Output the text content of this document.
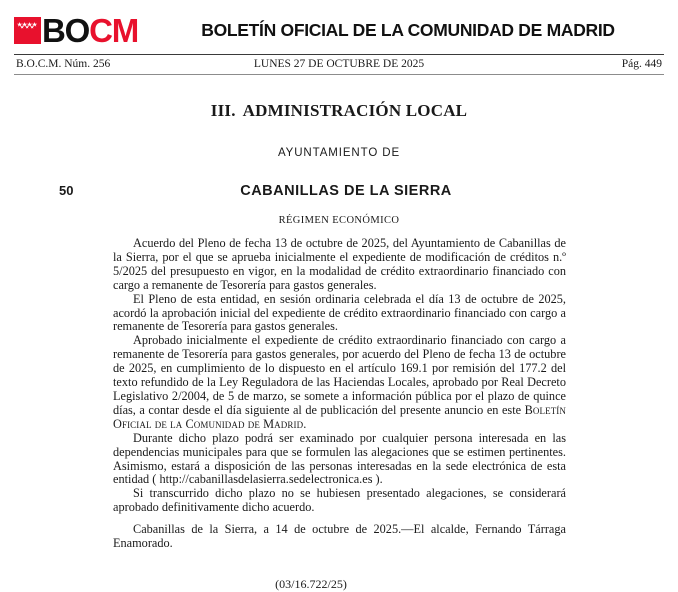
BO CM	BOLETÍN OFICIAL DE LA COMUNIDAD DE MADRID
B.O.C.M. Núm. 256	LUNES 27 DE OCTUBRE DE 2025	Pág. 449
III. ADMINISTRACIÓN LOCAL
AYUNTAMIENTO DE
50	CABANILLAS DE LA SIERRA
RÉGIMEN ECONÓMICO

Acuerdo del Pleno de fecha 13 de octubre de 2025, del Ayuntamiento de Cabanillas de la Sierra, por el que se aprueba inicialmente el expediente de modificación de créditos n.º 5/2025 del presupuesto en vigor, en la modalidad de crédito extraordinario financiado con cargo a remanente de Tesorería para gastos generales.

El Pleno de esta entidad, en sesión ordinaria celebrada el día 13 de octubre de 2025, acordó la aprobación inicial del expediente de crédito extraordinario financiado con cargo a remanente de Tesorería para gastos generales.

Aprobado inicialmente el expediente de crédito extraordinario financiado con cargo a remanente de Tesorería para gastos generales, por acuerdo del Pleno de fecha 13 de octubre de 2025, en cumplimiento de lo dispuesto en el artículo 169.1 por remisión del 177.2 del texto refundido de la Ley Reguladora de las Haciendas Locales, aprobado por Real Decreto Legislativo 2/2004, de 5 de marzo, se somete a información pública por el plazo de quince días, a contar desde el día siguiente al de publicación del presente anuncio en este Boletín Oficial de la Comunidad de Madrid.

Durante dicho plazo podrá ser examinado por cualquier persona interesada en las dependencias municipales para que se formulen las alegaciones que se estimen pertinentes. Asimismo, estará a disposición de las personas interesadas en la sede electrónica de esta entidad ( http://cabanillasdelasierra.sedelectronica.es ).

Si transcurrido dicho plazo no se hubiesen presentado alegaciones, se considerará aprobado definitivamente dicho acuerdo.

Cabanillas de la Sierra, a 14 de octubre de 2025.—El alcalde, Fernando Tárraga Enamorado.

(03/16.722/25)
